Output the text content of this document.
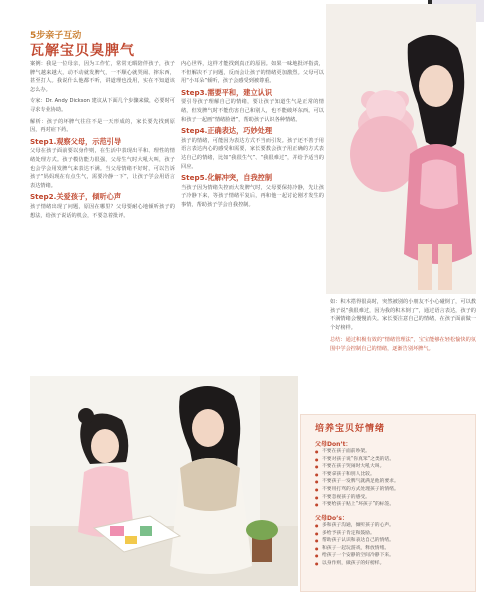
5步亲子互动
瓦解宝贝臭脾气

案例：我是一位母亲，因为工作忙，常常无暇陪伴孩子，孩子脾气越来越大，动不动就发脾气，一不顺心就哭闹、摔东西，甚至打人。我说什么他都不听，讲道理也没用，实在不知道该怎么办。

专家：Dr. Andy Dickson 建议从下面几个步骤来做，必要时可寻求专业协助。

解析：孩子的坏脾气往往不是一天形成的，家长要先找到原因，再对症下药。

Step1.观察父母，示范引导

父母在孩子面前要以身作则，在生活中表现出平和、理性的情绪处理方式。孩子模仿能力很强，父母生气时大吼大叫，孩子也会学会用发脾气来表达不满。当父母情绪不好时，可以告诉孩子“妈妈现在有点生气，需要冷静一下”，让孩子学会用语言表达情绪。

Step2.关爱孩子，倾听心声

孩子情绪出现了问题，原因在哪里？父母要耐心地倾听孩子的想法，给孩子说话的机会，不要急着批评。

内心世界，这样才能找到真正的原因。如果一味地批评指责，不但解决不了问题，反而会让孩子的情绪更加激烈。父母可以用“小耳朵”倾听，孩子会感受到被尊重。

Step3.需要平和，建立认识

要引导孩子理解自己的情绪，要让孩子知道生气是正常的情绪，但发脾气时不能伤害自己和别人，也不能破坏东西。可以和孩子一起画“情绪脸谱”，帮助孩子认识各种情绪。

Step4.正确表达，巧妙处理

孩子的情绪，可能因为表达方式不当而引发。孩子还不善于用语言表达内心的感受和需要，家长要教会孩子用正确的方式表达自己的情绪，比如“我很生气”、“我很难过”，并给予适当的回应。

Step5.化解冲突，自我控制

当孩子因为情绪失控而大发脾气时，父母要保持冷静，先让孩子冷静下来，等孩子情绪平复后，再和他一起讨论刚才发生的事情，帮助孩子学会自我控制。

如：积木搭得很高时，突然被别的小朋友不小心碰倒了，可以教孩子说“我很难过，因为我的积木倒了”，通过语言表达，孩子的不满情绪会慢慢消失。家长要注意自己的情绪，在孩子面前做一个好榜样。

总结：通过积极有效的“情绪管理法”，宝宝能够在轻松愉快的氛围中学会控制自己的情绪，逐渐告别坏脾气。

培养宝贝好情绪
父母Don’t：
● 不要在孩子面前吵架。
● 不要对孩子说“你真笨”之类的话。
● 不要在孩子哭闹时大吼大叫。
● 不要拿孩子和别人比较。
● 不要孩子一发脾气就满足他的要求。
● 不要用打骂的方式处理孩子的情绪。
● 不要忽视孩子的感受。
● 不要给孩子贴上“坏孩子”的标签。
父母Do’s：
● 多和孩子沟通，倾听孩子的心声。
● 多给予孩子肯定和鼓励。
● 帮助孩子认识和表达自己的情绪。
● 和孩子一起玩游戏，释放情绪。
● 给孩子一个安静的空间冷静下来。
● 以身作则，做孩子的好榜样。
